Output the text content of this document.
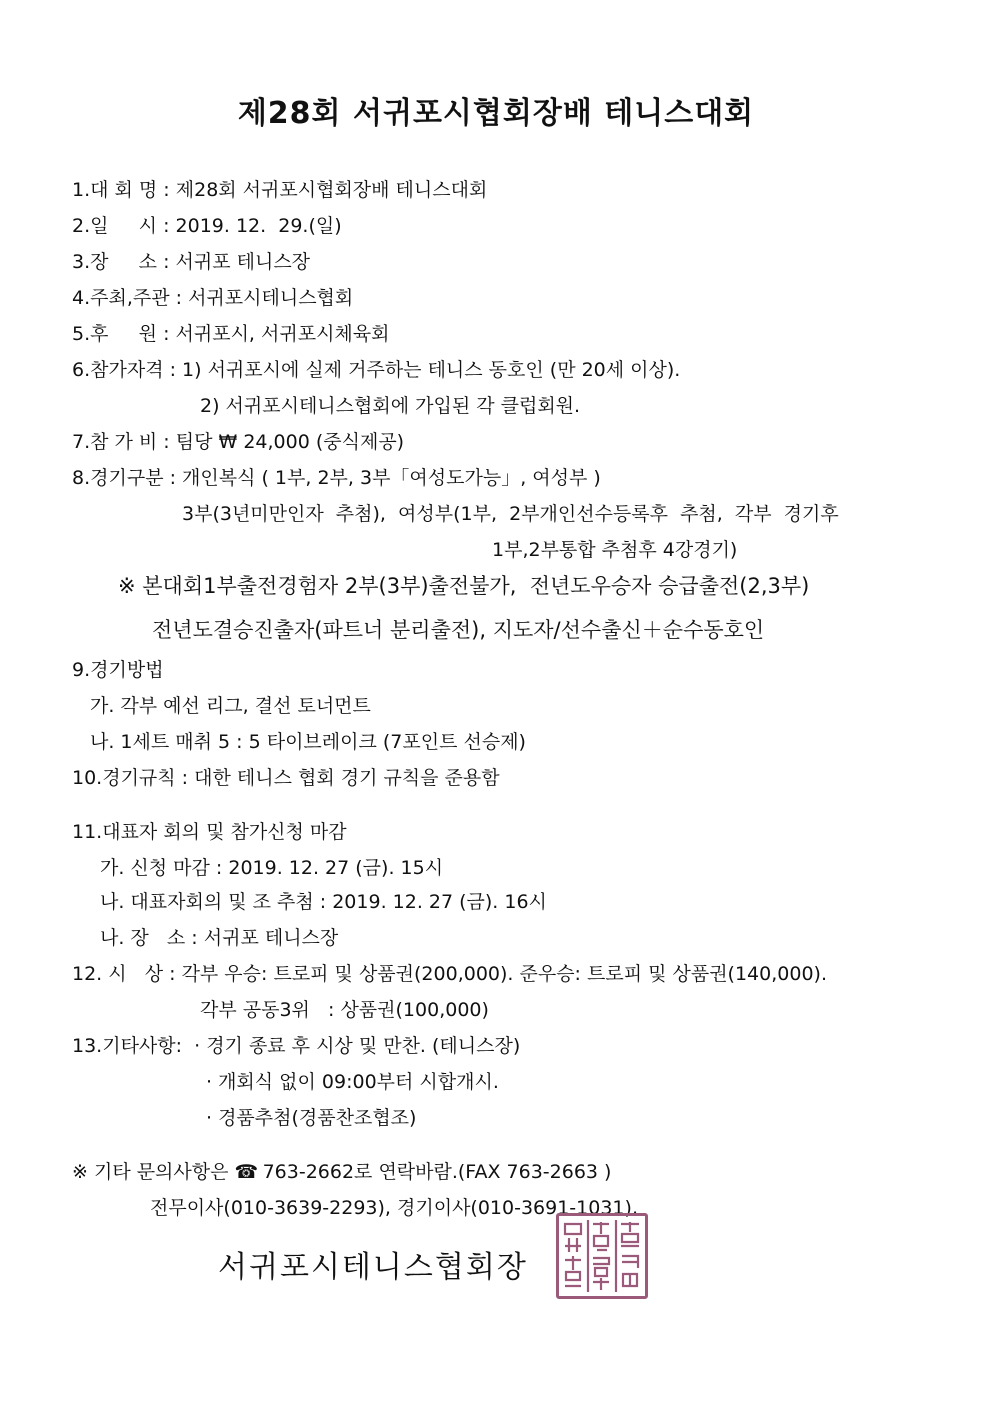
제28회 서귀포시협회장배 테니스대회
1.대 회 명 : 제28회 서귀포시협회장배 테니스대회
2.일     시 : 2019. 12.  29.(일)
3.장     소 : 서귀포 테니스장
4.주최,주관 : 서귀포시테니스협회
5.후     원 : 서귀포시, 서귀포시체육회
6.참가자격 : 1) 서귀포시에 실제 거주하는 테니스 동호인 (만 20세 이상).
2) 서귀포시테니스협회에 가입된 각 클럽회원.
7.참 가 비 : 팀당 ₩ 24,000 (중식제공)
8.경기구분 : 개인복식 ( 1부, 2부, 3부「여성도가능」, 여성부 )
3부(3년미만인자  추첨),  여성부(1부,  2부개인선수등록후  추첨,  각부  경기후
1부,2부통합 추첨후 4강경기)
※ 본대회1부출전경험자 2부(3부)출전불가,  전년도우승자 승급출전(2,3부)
전년도결승진출자(파트너 분리출전), 지도자/선수출신＋순수동호인
9.경기방법
가. 각부 예선 리그, 결선 토너먼트
나. 1세트 매취 5 : 5 타이브레이크 (7포인트 선승제)
10.경기규칙 : 대한 테니스 협회 경기 규칙을 준용함
11.대표자 회의 및 참가신청 마감
가. 신청 마감 : 2019. 12. 27 (금). 15시
나. 대표자회의 및 조 추첨 : 2019. 12. 27 (금). 16시
나. 장   소 : 서귀포 테니스장
12. 시   상 : 각부 우승: 트로피 및 상품권(200,000). 준우승: 트로피 및 상품권(140,000).
각부 공동3위   : 상품권(100,000)
13.기타사항:  · 경기 종료 후 시상 및 만찬. (테니스장)
· 개회식 없이 09:00부터 시합개시.
· 경품추첨(경품찬조협조)
※ 기타 문의사항은 ☎ 763-2662로 연락바람.(FAX 763-2663 )
전무이사(010-3639-2293), 경기이사(010-3691-1031),
서귀포시테니스협회장
